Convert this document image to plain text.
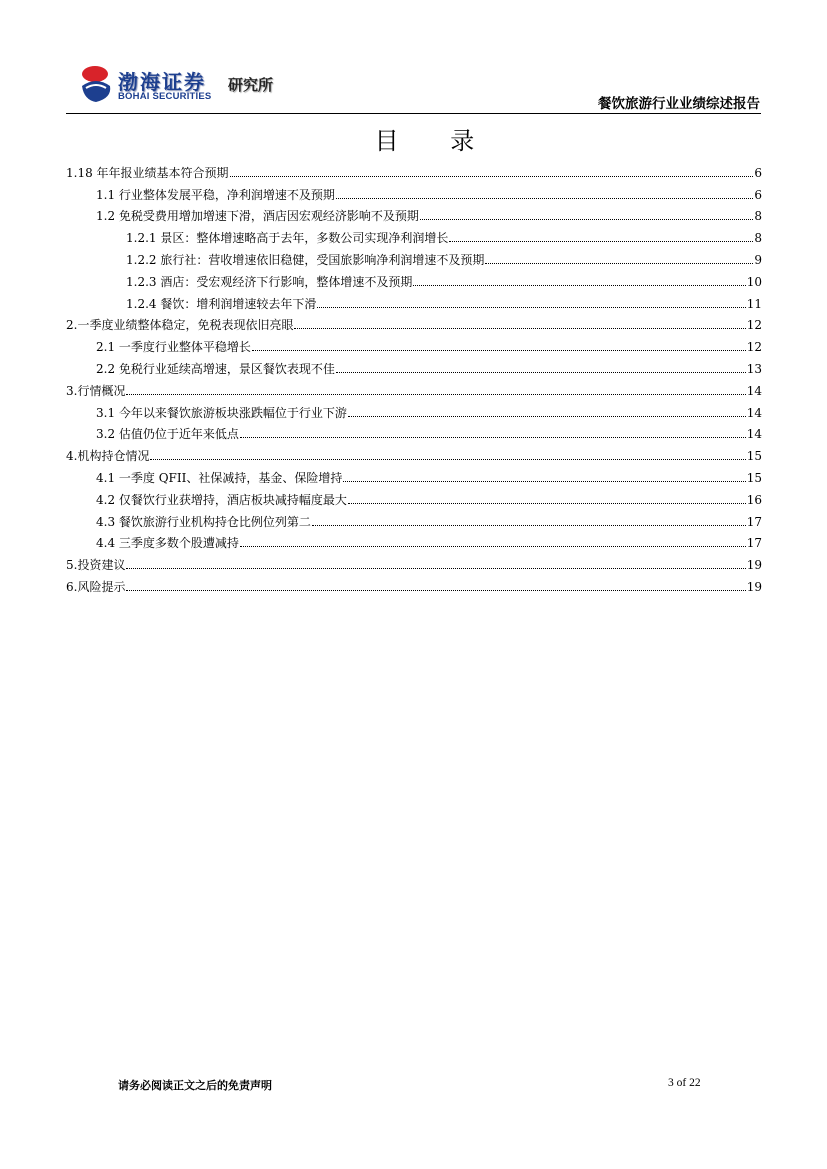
渤海证券
BOHAI SECURITIES
研究所
餐饮旅游行业业绩综述报告
目 录
1.18 年年报业绩基本符合预期	6
1.1 行业整体发展平稳，净利润增速不及预期	6
1.2 免税受费用增加增速下滑，酒店因宏观经济影响不及预期	8
1.2.1 景区：整体增速略高于去年，多数公司实现净利润增长	8
1.2.2 旅行社：营收增速依旧稳健，受国旅影响净利润增速不及预期	9
1.2.3 酒店：受宏观经济下行影响，整体增速不及预期	10
1.2.4 餐饮：增利润增速较去年下滑	11
2.一季度业绩整体稳定，免税表现依旧亮眼	12
2.1 一季度行业整体平稳增长	12
2.2 免税行业延续高增速，景区餐饮表现不佳	13
3.行情概况	14
3.1 今年以来餐饮旅游板块涨跌幅位于行业下游	14
3.2 估值仍位于近年来低点	14
4.机构持仓情况	15
4.1 一季度 QFII、社保减持，基金、保险增持	15
4.2 仅餐饮行业获增持，酒店板块减持幅度最大	16
4.3 餐饮旅游行业机构持仓比例位列第二	17
4.4 三季度多数个股遭减持	17
5.投资建议	19
6.风险提示	19
请务必阅读正文之后的免责声明	3 of 22
